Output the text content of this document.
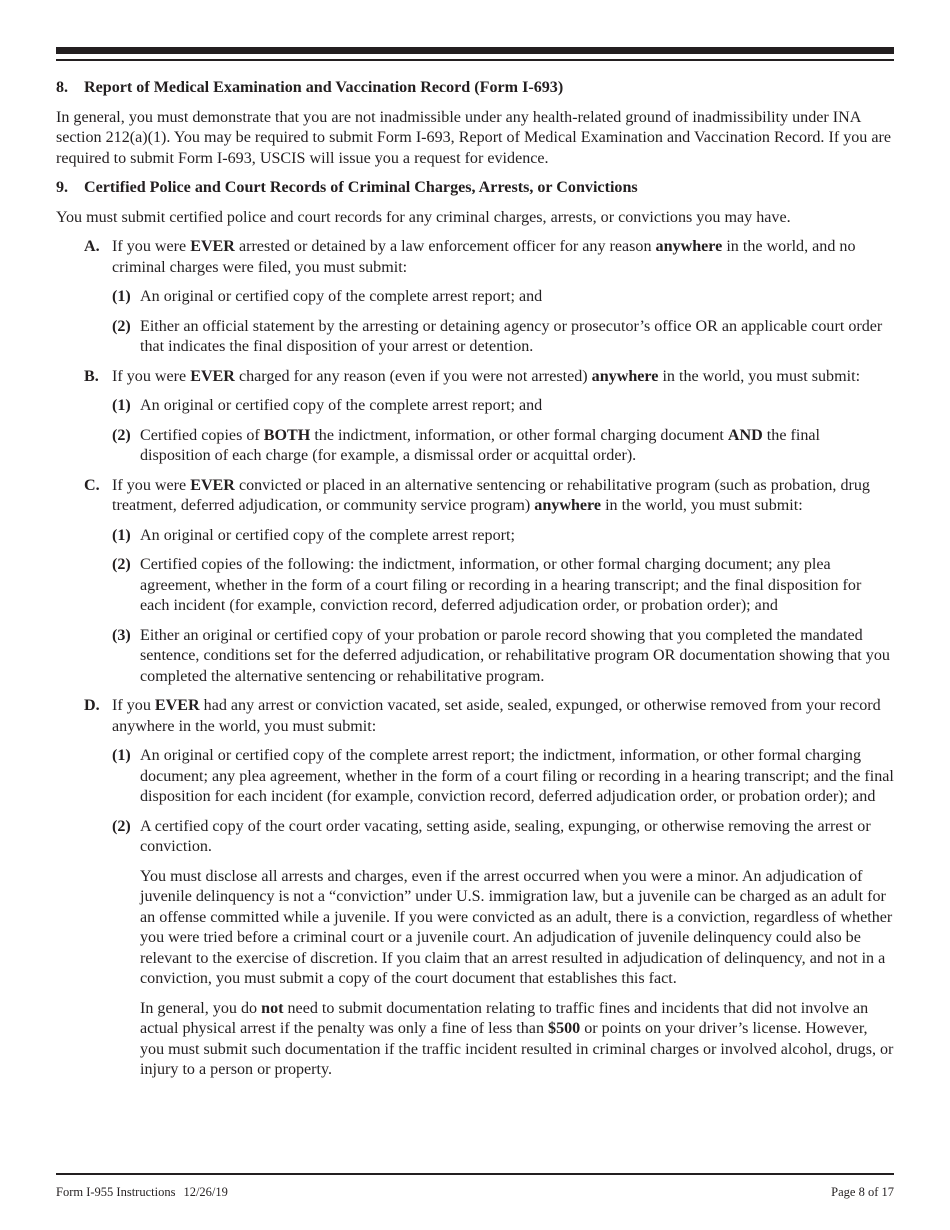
8. Report of Medical Examination and Vaccination Record (Form I-693)

In general, you must demonstrate that you are not inadmissible under any health-related ground of inadmissibility under INA section 212(a)(1). You may be required to submit Form I-693, Report of Medical Examination and Vaccination Record. If you are required to submit Form I-693, USCIS will issue you a request for evidence.

9. Certified Police and Court Records of Criminal Charges, Arrests, or Convictions

You must submit certified police and court records for any criminal charges, arrests, or convictions you may have.

A. If you were EVER arrested or detained by a law enforcement officer for any reason anywhere in the world, and no criminal charges were filed, you must submit:
(1) An original or certified copy of the complete arrest report; and
(2) Either an official statement by the arresting or detaining agency or prosecutor’s office OR an applicable court order that indicates the final disposition of your arrest or detention.
B. If you were EVER charged for any reason (even if you were not arrested) anywhere in the world, you must submit:
(1) An original or certified copy of the complete arrest report; and
(2) Certified copies of BOTH the indictment, information, or other formal charging document AND the final disposition of each charge (for example, a dismissal order or acquittal order).
C. If you were EVER convicted or placed in an alternative sentencing or rehabilitative program (such as probation, drug treatment, deferred adjudication, or community service program) anywhere in the world, you must submit:
(1) An original or certified copy of the complete arrest report;
(2) Certified copies of the following: the indictment, information, or other formal charging document; any plea agreement, whether in the form of a court filing or recording in a hearing transcript; and the final disposition for each incident (for example, conviction record, deferred adjudication order, or probation order); and
(3) Either an original or certified copy of your probation or parole record showing that you completed the mandated sentence, conditions set for the deferred adjudication, or rehabilitative program OR documentation showing that you completed the alternative sentencing or rehabilitative program.
D. If you EVER had any arrest or conviction vacated, set aside, sealed, expunged, or otherwise removed from your record anywhere in the world, you must submit:
(1) An original or certified copy of the complete arrest report; the indictment, information, or other formal charging document; any plea agreement, whether in the form of a court filing or recording in a hearing transcript; and the final disposition for each incident (for example, conviction record, deferred adjudication order, or probation order); and
(2) A certified copy of the court order vacating, setting aside, sealing, expunging, or otherwise removing the arrest or conviction.

You must disclose all arrests and charges, even if the arrest occurred when you were a minor. An adjudication of juvenile delinquency is not a “conviction” under U.S. immigration law, but a juvenile can be charged as an adult for an offense committed while a juvenile. If you were convicted as an adult, there is a conviction, regardless of whether you were tried before a criminal court or a juvenile court. An adjudication of juvenile delinquency could also be relevant to the exercise of discretion. If you claim that an arrest resulted in adjudication of delinquency, and not in a conviction, you must submit a copy of the court document that establishes this fact.

In general, you do not need to submit documentation relating to traffic fines and incidents that did not involve an actual physical arrest if the penalty was only a fine of less than $500 or points on your driver’s license. However, you must submit such documentation if the traffic incident resulted in criminal charges or involved alcohol, drugs, or injury to a person or property.

Form I-955 Instructions 12/26/19	Page 8 of 17
